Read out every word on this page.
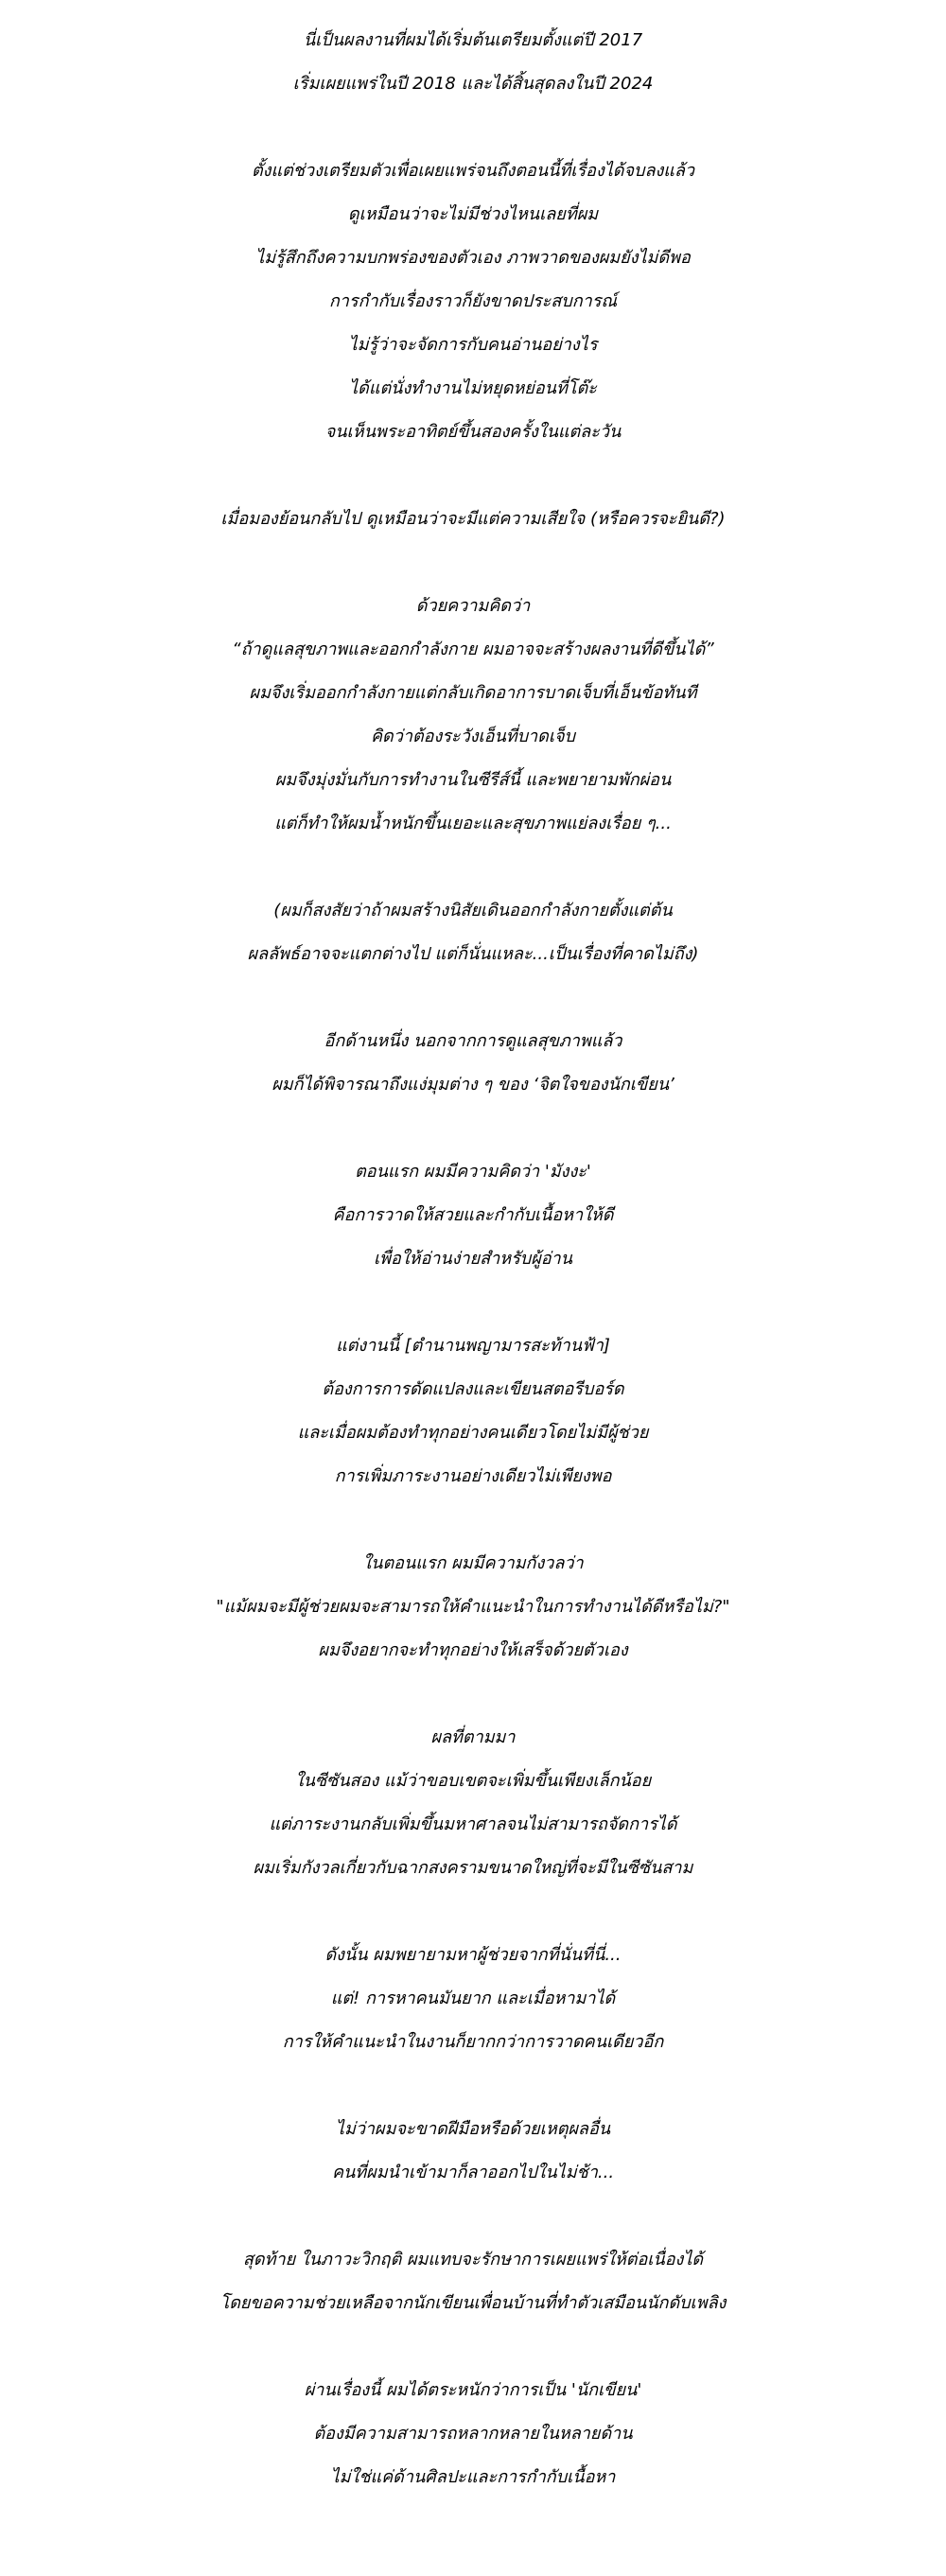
นี่เป็นผลงานที่ผมได้เริ่มต้นเตรียมตั้งแต่ปี 2017
เริ่มเผยแพร่ในปี 2018 และได้สิ้นสุดลงในปี 2024

ตั้งแต่ช่วงเตรียมตัวเพื่อเผยแพร่จนถึงตอนนี้ที่เรื่องได้จบลงแล้ว
ดูเหมือนว่าจะไม่มีช่วงไหนเลยที่ผม
ไม่รู้สึกถึงความบกพร่องของตัวเอง ภาพวาดของผมยังไม่ดีพอ
การกำกับเรื่องราวก็ยังขาดประสบการณ์
ไม่รู้ว่าจะจัดการกับคนอ่านอย่างไร
ได้แต่นั่งทำงานไม่หยุดหย่อนที่โต๊ะ
จนเห็นพระอาทิตย์ขึ้นสองครั้งในแต่ละวัน

เมื่อมองย้อนกลับไป ดูเหมือนว่าจะมีแต่ความเสียใจ (หรือควรจะยินดี?)

ด้วยความคิดว่า
“ถ้าดูแลสุขภาพและออกกำลังกาย ผมอาจจะสร้างผลงานที่ดีขึ้นได้”
ผมจึงเริ่มออกกำลังกายแต่กลับเกิดอาการบาดเจ็บที่เอ็นข้อทันที
คิดว่าต้องระวังเอ็นที่บาดเจ็บ
ผมจึงมุ่งมั่นกับการทำงานในซีรีส์นี้ และพยายามพักผ่อน
แต่ก็ทำให้ผมน้ำหนักขึ้นเยอะและสุขภาพแย่ลงเรื่อย ๆ...

(ผมก็สงสัยว่าถ้าผมสร้างนิสัยเดินออกกำลังกายตั้งแต่ต้น
ผลลัพธ์อาจจะแตกต่างไป แต่ก็นั่นแหละ...เป็นเรื่องที่คาดไม่ถึง)

อีกด้านหนึ่ง นอกจากการดูแลสุขภาพแล้ว
ผมก็ได้พิจารณาถึงแง่มุมต่าง ๆ ของ ‘จิตใจของนักเขียน’

ตอนแรก ผมมีความคิดว่า 'มังงะ'
คือการวาดให้สวยและกำกับเนื้อหาให้ดี
เพื่อให้อ่านง่ายสำหรับผู้อ่าน

แต่งานนี้ [ตำนานพญามารสะท้านฟ้า]
ต้องการการดัดแปลงและเขียนสตอรีบอร์ด
และเมื่อผมต้องทำทุกอย่างคนเดียวโดยไม่มีผู้ช่วย
การเพิ่มภาระงานอย่างเดียวไม่เพียงพอ

ในตอนแรก ผมมีความกังวลว่า
"แม้ผมจะมีผู้ช่วยผมจะสามารถให้คำแนะนำในการทำงานได้ดีหรือไม่?"
ผมจึงอยากจะทำทุกอย่างให้เสร็จด้วยตัวเอง

ผลที่ตามมา
ในซีซันสอง แม้ว่าขอบเขตจะเพิ่มขึ้นเพียงเล็กน้อย
แต่ภาระงานกลับเพิ่มขึ้นมหาศาลจนไม่สามารถจัดการได้
ผมเริ่มกังวลเกี่ยวกับฉากสงครามขนาดใหญ่ที่จะมีในซีซันสาม

ดังนั้น ผมพยายามหาผู้ช่วยจากที่นั่นที่นี่...
แต่! การหาคนมันยาก และเมื่อหามาได้
การให้คำแนะนำในงานก็ยากกว่าการวาดคนเดียวอีก

ไม่ว่าผมจะขาดฝีมือหรือด้วยเหตุผลอื่น
คนที่ผมนำเข้ามาก็ลาออกไปในไม่ช้า...

สุดท้าย ในภาวะวิกฤติ ผมแทบจะรักษาการเผยแพร่ให้ต่อเนื่องได้
โดยขอความช่วยเหลือจากนักเขียนเพื่อนบ้านที่ทำตัวเสมือนนักดับเพลิง

ผ่านเรื่องนี้ ผมได้ตระหนักว่าการเป็น 'นักเขียน'
ต้องมีความสามารถหลากหลายในหลายด้าน
ไม่ใช่แค่ด้านศิลปะและการกำกับเนื้อหา
